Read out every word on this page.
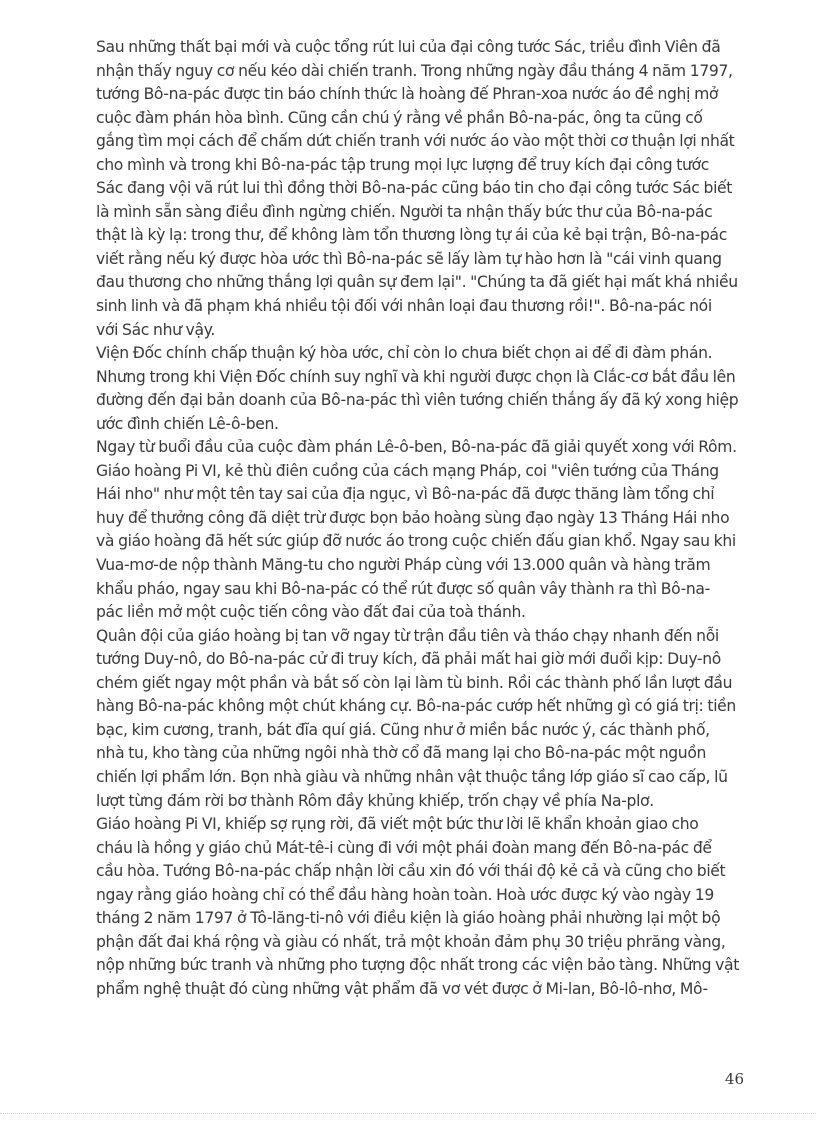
Sau những thất bại mới và cuộc tổng rút lui của đại công tước Sác, triều đình Viên đã
nhận thấy nguy cơ nếu kéo dài chiến tranh. Trong những ngày đầu tháng 4 năm 1797,
tướng Bô-na-pác được tin báo chính thức là hoàng đế Phran-xoa nước áo đề nghị mở
cuộc đàm phán hòa bình. Cũng cần chú ý rằng về phần Bô-na-pác, ông ta cũng cố
gắng tìm mọi cách để chấm dứt chiến tranh với nước áo vào một thời cơ thuận lợi nhất
cho mình và trong khi Bô-na-pác tập trung mọi lực lượng để truy kích đại công tước
Sác đang vội vã rút lui thì đồng thời Bô-na-pác cũng báo tin cho đại công tước Sác biết
là mình sẵn sàng điều đình ngừng chiến. Người ta nhận thấy bức thư của Bô-na-pác
thật là kỳ lạ: trong thư, để không làm tổn thương lòng tự ái của kẻ bại trận, Bô-na-pác
viết rằng nếu ký được hòa ước thì Bô-na-pác sẽ lấy làm tự hào hơn là "cái vinh quang
đau thương cho những thắng lợi quân sự đem lại". "Chúng ta đã giết hại mất khá nhiều
sinh linh và đã phạm khá nhiều tội đối với nhân loại đau thương rồi!". Bô-na-pác nói
với Sác như vậy.

Viện Đốc chính chấp thuận ký hòa ước, chỉ còn lo chưa biết chọn ai để đi đàm phán.
Nhưng trong khi Viện Đốc chính suy nghĩ và khi người được chọn là Clắc-cơ bắt đầu lên
đường đến đại bản doanh của Bô-na-pác thì viên tướng chiến thắng ấy đã ký xong hiệp
ước đình chiến Lê-ô-ben.

Ngay từ buổi đầu của cuộc đàm phán Lê-ô-ben, Bô-na-pác đã giải quyết xong với Rôm.
Giáo hoàng Pi VI, kẻ thù điên cuồng của cách mạng Pháp, coi "viên tướng của Tháng
Hái nho" như một tên tay sai của địa ngục, vì Bô-na-pác đã được thăng làm tổng chỉ
huy để thưởng công đã diệt trừ được bọn bảo hoàng sùng đạo ngày 13 Tháng Hái nho
và giáo hoàng đã hết sức giúp đỡ nước áo trong cuộc chiến đấu gian khổ. Ngay sau khi
Vua-mơ-de nộp thành Măng-tu cho người Pháp cùng với 13.000 quân và hàng trăm
khẩu pháo, ngay sau khi Bô-na-pác có thể rút được số quân vây thành ra thì Bô-na-
pác liền mở một cuộc tiến công vào đất đai của toà thánh.

Quân đội của giáo hoàng bị tan vỡ ngay từ trận đầu tiên và tháo chạy nhanh đến nỗi
tướng Duy-nô, do Bô-na-pác cử đi truy kích, đã phải mất hai giờ mới đuổi kịp: Duy-nô
chém giết ngay một phần và bắt số còn lại làm tù binh. Rồi các thành phố lần lượt đầu
hàng Bô-na-pác không một chút kháng cự. Bô-na-pác cướp hết những gì có giá trị: tiền
bạc, kim cương, tranh, bát đĩa quí giá. Cũng như ở miền bắc nước ý, các thành phố,
nhà tu, kho tàng của những ngôi nhà thờ cổ đã mang lại cho Bô-na-pác một nguồn
chiến lợi phẩm lớn. Bọn nhà giàu và những nhân vật thuộc tầng lớp giáo sĩ cao cấp, lũ
lượt từng đám rời bơ thành Rôm đầy khủng khiếp, trốn chạy về phía Na-plơ.

Giáo hoàng Pi VI, khiếp sợ rụng rời, đã viết một bức thư lời lẽ khẩn khoản giao cho
cháu là hồng y giáo chủ Mát-tê-i cùng đi với một phái đoàn mang đến Bô-na-pác để
cầu hòa. Tướng Bô-na-pác chấp nhận lời cầu xin đó với thái độ kẻ cả và cũng cho biết
ngay rằng giáo hoàng chỉ có thể đầu hàng hoàn toàn. Hoà ước được ký vào ngày 19
tháng 2 năm 1797 ở Tô-lăng-ti-nô với điều kiện là giáo hoàng phải nhường lại một bộ
phận đất đai khá rộng và giàu có nhất, trả một khoản đảm phụ 30 triệu phrăng vàng,
nộp những bức tranh và những pho tượng độc nhất trong các viện bảo tàng. Những vật
phẩm nghệ thuật đó cùng những vật phẩm đã vơ vét được ở Mi-lan, Bô-lô-nhơ, Mô-

46
